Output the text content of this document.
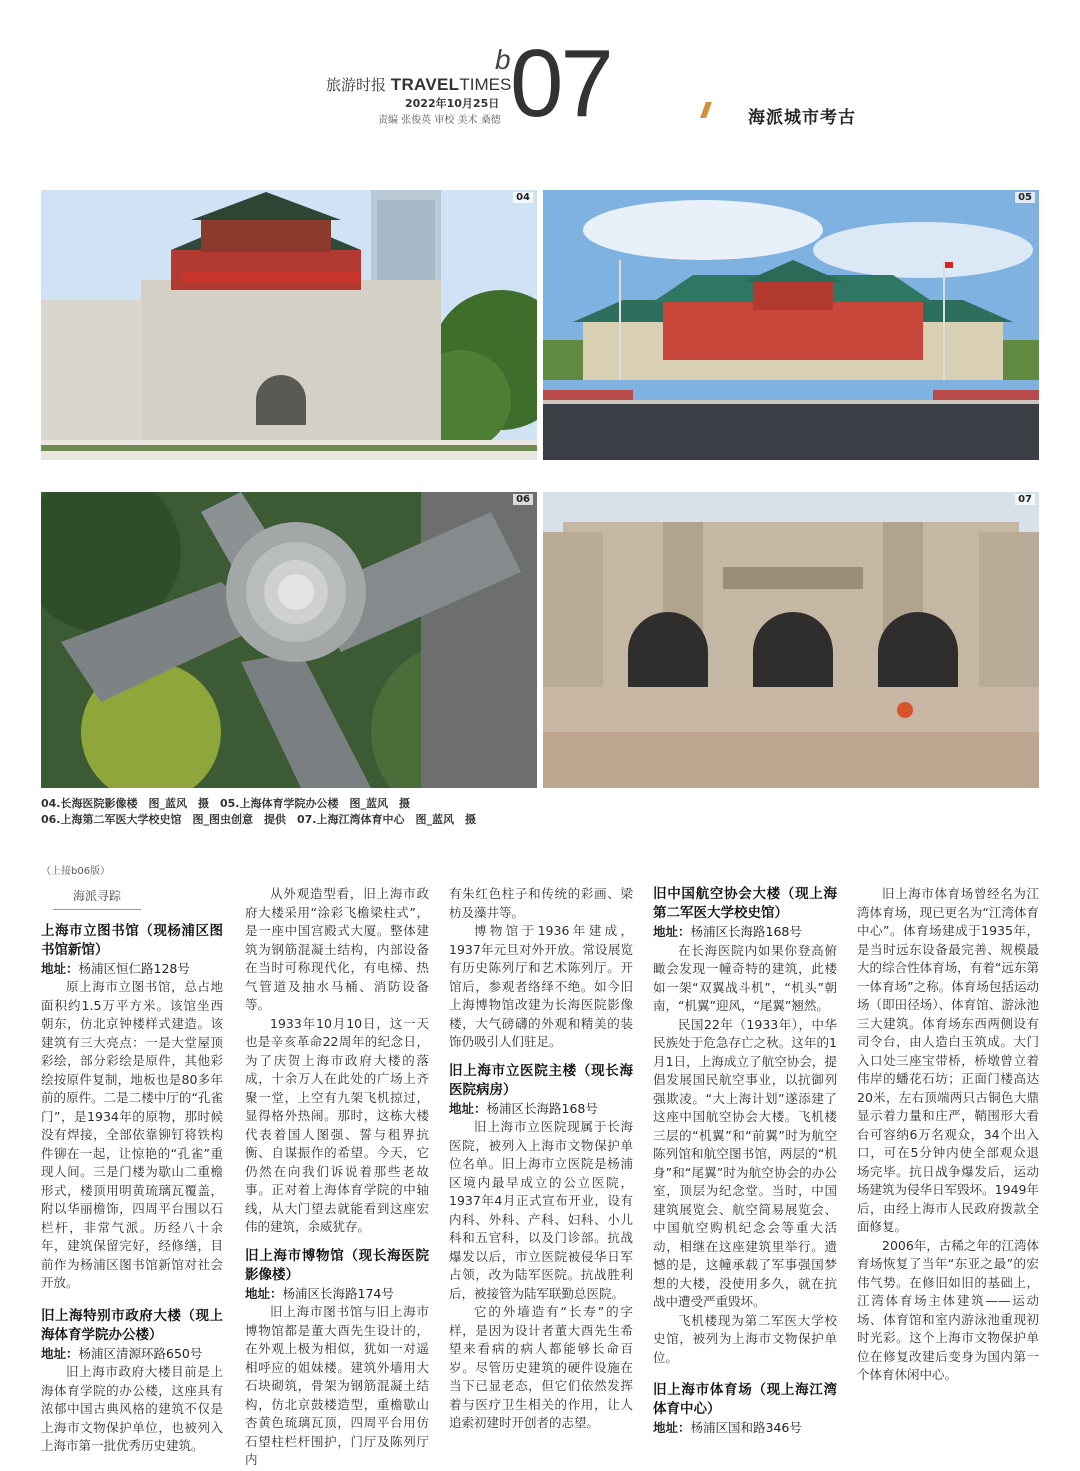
旅游时报 TRAVELTIMES
2022年10月25日
责编 张俊英 审校 美术 桑德
b 07	海派城市考古
04	05
06	07
04.长海医院影像楼　图_蓝风　摄　05.上海体育学院办公楼　图_蓝风　摄
06.上海第二军医大学校史馆　图_图虫创意　提供　07.上海江湾体育中心　图_蓝风　摄
（上接b06版）
海派寻踪

上海市立图书馆（现杨浦区图书馆新馆）

地址：杨浦区恒仁路128号

原上海市立图书馆，总占地面积约1.5万平方米。该馆坐西朝东，仿北京钟楼样式建造。该建筑有三大亮点：一是大堂屋顶彩绘，部分彩绘是原件，其他彩绘按原件复制，地板也是80多年前的原件。二是二楼中厅的“孔雀门”，是1934年的原物，那时候没有焊接，全部依靠铆钉将铁构件铆在一起，让惊艳的“孔雀”重现人间。三是门楼为歇山二重檐形式，楼顶用明黄琉璃瓦覆盖，附以华丽檐饰，四周平台围以石栏杆，非常气派。历经八十余年，建筑保留完好，经修缮，目前作为杨浦区图书馆新馆对社会开放。

旧上海特别市政府大楼（现上海体育学院办公楼）

地址：杨浦区清源环路650号

旧上海市政府大楼目前是上海体育学院的办公楼，这座具有浓郁中国古典风格的建筑不仅是上海市文物保护单位，也被列入上海市第一批优秀历史建筑。

从外观造型看，旧上海市政府大楼采用“涂彩飞檐梁柱式”，是一座中国宫殿式大厦。整体建筑为钢筋混凝土结构，内部设备在当时可称现代化，有电梯、热气管道及抽水马桶、消防设备等。

1933年10月10日，这一天也是辛亥革命22周年的纪念日，为了庆贺上海市政府大楼的落成，十余万人在此处的广场上齐聚一堂，上空有九架飞机掠过，显得格外热闹。那时，这栋大楼代表着国人图强、誓与租界抗衡、自谋振作的希望。今天，它仍然在向我们诉说着那些老故事。正对着上海体育学院的中轴线，从大门望去就能看到这座宏伟的建筑，余威犹存。

旧上海市博物馆（现长海医院影像楼）

地址：杨浦区长海路174号

旧上海市图书馆与旧上海市博物馆都是董大酉先生设计的，在外观上极为相似，犹如一对遥相呼应的姐妹楼。建筑外墙用大石块砌筑，骨架为钢筋混凝土结构，仿北京鼓楼造型，重檐歇山杏黄色琉璃瓦顶，四周平台用仿石望柱栏杆围护，门厅及陈列厅内

有朱红色柱子和传统的彩画、梁枋及藻井等。

博物馆于1936年建成，1937年元旦对外开放。常设展览有历史陈列厅和艺术陈列厅。开馆后，参观者络绎不绝。如今旧上海博物馆改建为长海医院影像楼，大气磅礴的外观和精美的装饰仍吸引人们驻足。

旧上海市立医院主楼（现长海医院病房）

地址：杨浦区长海路168号

旧上海市立医院现属于长海医院，被列入上海市文物保护单位名单。旧上海市立医院是杨浦区境内最早成立的公立医院，1937年4月正式宣布开业，设有内科、外科、产科、妇科、小儿科和五官科，以及门诊部。抗战爆发以后，市立医院被侵华日军占领，改为陆军医院。抗战胜利后，被接管为陆军联勤总医院。

它的外墙造有“长寿”的字样，是因为设计者董大酉先生希望来看病的病人都能够长命百岁。尽管历史建筑的硬件设施在当下已显老态，但它们依然发挥着与医疗卫生相关的作用，让人追索初建时开创者的志望。

旧中国航空协会大楼（现上海第二军医大学校史馆）

地址：杨浦区长海路168号

在长海医院内如果你登高俯瞰会发现一幢奇特的建筑，此楼如一架“双翼战斗机”，“机头”朝南，“机翼”迎风，“尾翼”翘然。

民国22年（1933年），中华民族处于危急存亡之秋。这年的1月1日，上海成立了航空协会，提倡发展国民航空事业，以抗御列强欺凌。“大上海计划”遂添建了这座中国航空协会大楼。飞机楼三层的“机翼”和“前翼”时为航空陈列馆和航空图书馆，两层的“机身”和“尾翼”时为航空协会的办公室，顶层为纪念堂。当时，中国建筑展览会、航空简易展览会、中国航空购机纪念会等重大活动，相继在这座建筑里举行。遗憾的是，这幢承载了军事强国梦想的大楼，没使用多久，就在抗战中遭受严重毁坏。

飞机楼现为第二军医大学校史馆，被列为上海市文物保护单位。

旧上海市体育场（现上海江湾体育中心）

地址：杨浦区国和路346号

旧上海市体育场曾经名为江湾体育场，现已更名为“江湾体育中心”。体育场建成于1935年，是当时远东设备最完善、规模最大的综合性体育场，有着“远东第一体育场”之称。体育场包括运动场（即田径场）、体育馆、游泳池三大建筑。体育场东西两侧设有司令台，由人造白玉筑成。大门入口处三座宝带桥，桥墩曾立着伟岸的蟠花石坊；正面门楼高达20米，左右顶端两只古铜色大鼎显示着力量和庄严，鞘围形大看台可容纳6万名观众，34个出入口，可在5分钟内使全部观众退场完毕。抗日战争爆发后，运动场建筑为侵华日军毁坏。1949年后，由经上海市人民政府拨款全面修复。

2006年，古稀之年的江湾体育场恢复了当年“东亚之最”的宏伟气势。在修旧如旧的基础上，江湾体育场主体建筑——运动场、体育馆和室内游泳池重现初时光彩。这个上海市文物保护单位在修复改建后变身为国内第一个体育休闲中心。
